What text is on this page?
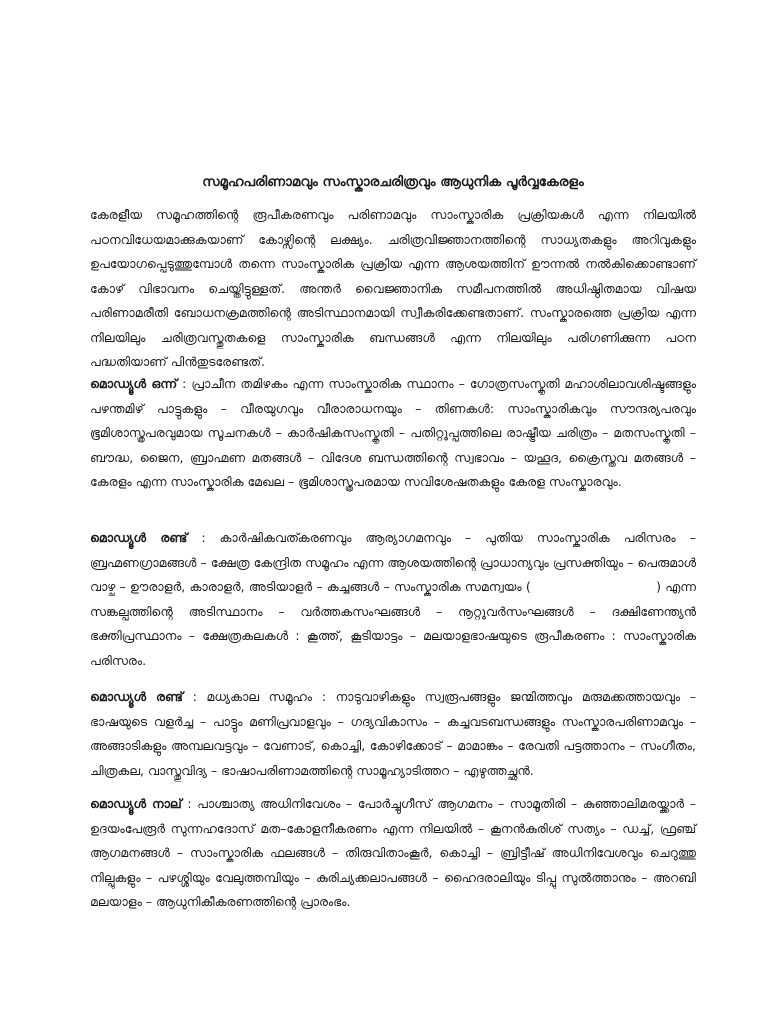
സമൂഹപരിണാമവും സംസ്കാരചരിത്രവും ആധുനിക പൂർവ്വകേരളം

കേരളീയ സമൂഹത്തിന്റെ രൂപീകരണവും പരിണാമവും സാംസ്കാരിക പ്രക്രിയകൾ എന്ന നിലയിൽ പഠനവിധേയമാക്കുകയാണ് കോഴ്സിന്റെ ലക്ഷ്യം. ചരിത്രവിജ്ഞാനത്തിന്റെ സാധ്യതകളും അറിവുകളും ഉപയോഗപ്പെടുത്തുമ്പോൾ തന്നെ സാംസ്കാരിക പ്രക്രിയ എന്ന ആശയത്തിന് ഊന്നൽ നൽകിക്കൊണ്ടാണ് കോഴ് വിഭാവനം ചെയ്തിട്ടുള്ളത്. അന്തർ വൈജ്ഞാനിക സമീപനത്തിൽ അധിഷ്ഠിതമായ വിഷയ പരിണാമരീതി ബോധനക്രമത്തിന്റെ അടിസ്ഥാനമായി സ്വീകരിക്കേണ്ടതാണ്. സംസ്കാരത്തെ പ്രക്രിയ എന്ന നിലയിലും ചരിത്രവസ്തുതകളെ സാംസ്കാരിക ബന്ധങ്ങൾ എന്ന നിലയിലും പരിഗണിക്കുന്ന പഠന പദ്ധതിയാണ് പിൻതുടരേണ്ടത്.

മൊഡ്യൂൾ ഒന്ന് : പ്രാചീന തമിഴകം എന്ന സാംസ്കാരിക സ്ഥാനം – ഗോത്രസംസ്കൃതി മഹാശിലാവശിഷ്ടങ്ങളും പഴന്തമിഴ് പാട്ടുകളും – വീരയുഗവും വീരാരാധനയും – തിണകൾ: സാംസ്കാരികവും സൗന്ദര്യപരവും ഭൂമിശാസ്ത്രപരവുമായ സൂചനകൾ – കാർഷികസംസ്കൃതി – പതിറ്റുപ്പത്തിലെ രാഷ്ട്രീയ ചരിത്രം – മതസംസ്കൃതി – ബൗദ്ധ, ജൈന, ബ്രാഹ്മണ മതങ്ങൾ – വിദേശ ബന്ധത്തിന്റെ സ്വഭാവം – യഹൂദ, ക്രൈസ്തവ മതങ്ങൾ – കേരളം എന്ന സാംസ്കാരിക മേഖല – ഭൂമിശാസ്ത്രപരമായ സവിശേഷതകളും കേരള സംസ്കാരവും.

മൊഡ്യൂൾ രണ്ട് : കാർഷികവത്കരണവും ആര്യാഗമനവും – പുതിയ സാംസ്കാരിക പരിസരം – ബ്രഹ്മണഗ്രാമങ്ങൾ – ക്ഷേത്ര കേന്ദ്രിത സമൂഹം എന്ന ആശയത്തിന്റെ പ്രാധാന്യവും പ്രസക്തിയും – പെരുമാൾ വാഴ്ച – ഊരാളർ, കാരാളർ, അടിയാളർ – കച്ചങ്ങൾ – സംസ്കാരിക സമന്വയം (                              ) എന്ന സങ്കല്പത്തിന്റെ അടിസ്ഥാനം – വർത്തകസംഘങ്ങൾ – നൂറ്റുവർസംഘങ്ങൾ – ദക്ഷിണേന്ത്യൻ ഭക്തിപ്രസ്ഥാനം – ക്ഷേത്രകലകൾ : കൂത്ത്, കൂടിയാട്ടം – മലയാളഭാഷയുടെ രൂപീകരണം : സാംസ്കാരിക പരിസരം.

മൊഡ്യൂൾ രണ്ട് : മധ്യകാല സമൂഹം : നാടുവാഴികളും സ്വരൂപങ്ങളും ജന്മിത്തവും മരുമക്കത്തായവും – ഭാഷയുടെ വളർച്ച – പാട്ടും മണിപ്രവാളവും – ഗദ്യവികാസം – കച്ചവടബന്ധങ്ങളും സംസ്കാരപരിണാമവും – അങ്ങാടികളും അമ്പലവട്ടവും – വേണാട്, കൊച്ചി, കോഴിക്കോട് – മാമാങ്കം – രേവതി പട്ടത്താനം – സംഗീതം, ചിത്രകല, വാസ്തുവിദ്യ – ഭാഷാപരിണാമത്തിന്റെ സാമൂഹ്യാടിത്തറ – എഴുത്തച്ഛൻ.

മൊഡ്യൂൾ നാല് : പാശ്ചാത്യ അധിനിവേശം – പോർച്ചുഗീസ് ആഗമനം – സാമൂതിരി – കുഞ്ഞാലിമരയ്ക്കാർ – ഉദയംപേരൂർ സുന്നഹദോസ് മത–കോളനീകരണം എന്ന നിലയിൽ – കൂനൻകുരിശ് സത്യം – ഡച്ച്, ഫ്രഞ്ച് ആഗമനങ്ങൾ – സാംസ്കാരിക ഫലങ്ങൾ – തിരുവിതാംകൂർ, കൊച്ചി – ബ്രിട്ടീഷ് അധിനിവേശവും ചെറുത്തു നില്പുകളും – പഴശ്ശിയും വേലുത്തമ്പിയും – കുരിച്യക്കലാപങ്ങൾ – ഹൈദരാലിയും ടിപ്പു സുൽത്താനും – അറബി മലയാളം – ആധുനികീകരണത്തിന്റെ പ്രാരംഭം.
